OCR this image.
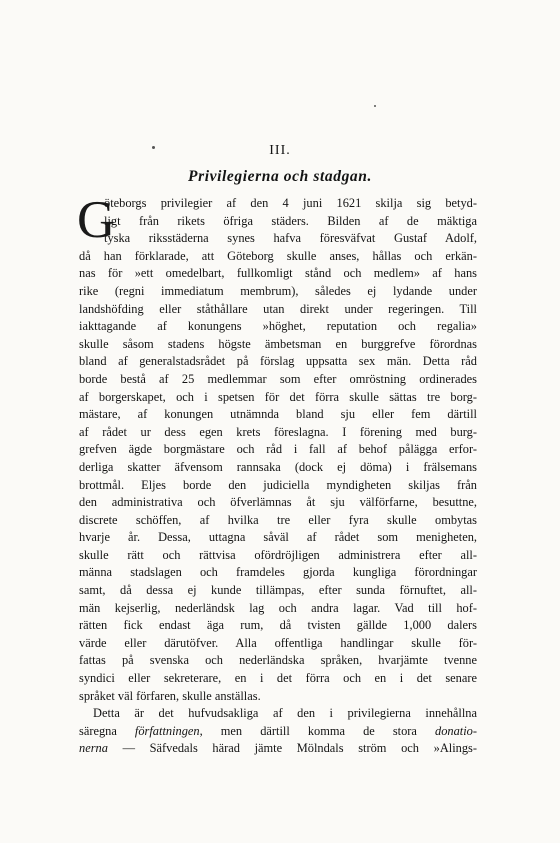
III.
Privilegierna och stadgan.
G
öteborgs privilegier af den 4 juni 1621 skilja sig betyd-
ligt från rikets öfriga städers. Bilden af de mäktiga
tyska riksstäderna synes hafva föresväfvat Gustaf Adolf,
då han förklarade, att Göteborg skulle anses, hållas och erkän-
nas för »ett omedelbart, fullkomligt stånd och medlem» af hans
rike (regni immediatum membrum), således ej lydande under
landshöfding eller ståthållare utan direkt under regeringen. Till
iakttagande af konungens »höghet, reputation och regalia»
skulle såsom stadens högste ämbetsman en burggrefve förordnas
bland af generalstadsrådet på förslag uppsatta sex män. Detta råd
borde bestå af 25 medlemmar som efter omröstning ordinerades
af borgerskapet, och i spetsen för det förra skulle sättas tre borg-
mästare, af konungen utnämnda bland sju eller fem därtill
af rådet ur dess egen krets föreslagna. I förening med burg-
grefven ägde borgmästare och råd i fall af behof pålägga erfor-
derliga skatter äfvensom rannsaka (dock ej döma) i frälsemans
brottmål. Eljes borde den judiciella myndigheten skiljas från
den administrativa och öfverlämnas åt sju välförfarne, besuttne,
discrete schöffen, af hvilka tre eller fyra skulle ombytas
hvarje år. Dessa, uttagna såväl af rådet som menigheten,
skulle rätt och rättvisa ofördröjligen administrera efter all-
männa stadslagen och framdeles gjorda kungliga förordningar
samt, då dessa ej kunde tillämpas, efter sunda förnuftet, all-
män kejserlig, nederländsk lag och andra lagar. Vad till hof-
rätten fick endast äga rum, då tvisten gällde 1,000 dalers
värde eller därutöfver. Alla offentliga handlingar skulle för-
fattas på svenska och nederländska språken, hvarjämte tvenne
syndici eller sekreterare, en i det förra och en i det senare
språket väl förfaren, skulle anställas.
Detta är det hufvudsakliga af den i privilegierna innehållna
säregna författningen, men därtill komma de stora donatio-
nerna — Säfvedals härad jämte Mölndals ström och »Alings-
